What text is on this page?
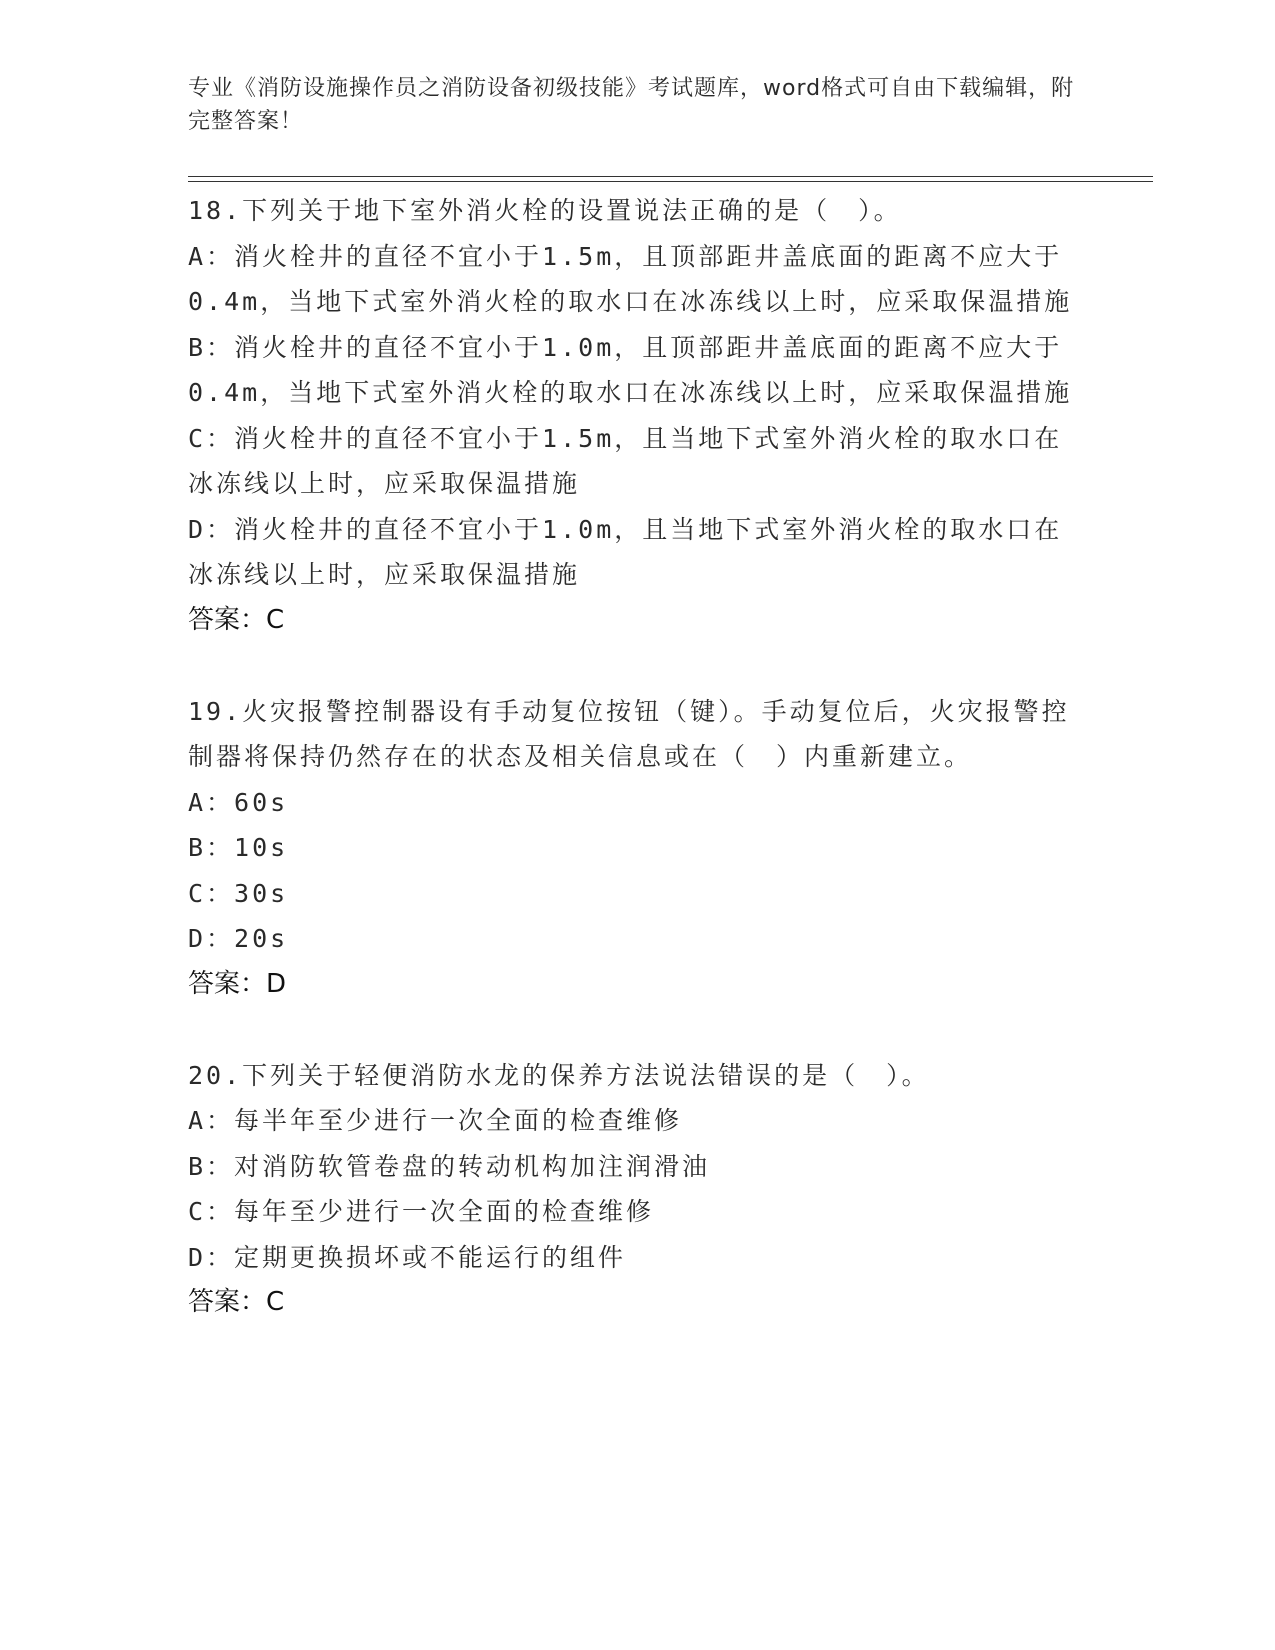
专业《消防设施操作员之消防设备初级技能》考试题库，word格式可自由下载编辑，附完整答案！
18.下列关于地下室外消火栓的设置说法正确的是（　）。
A：消火栓井的直径不宜小于1.5m，且顶部距井盖底面的距离不应大于0.4m，当地下式室外消火栓的取水口在冰冻线以上时，应采取保温措施
B：消火栓井的直径不宜小于1.0m，且顶部距井盖底面的距离不应大于0.4m，当地下式室外消火栓的取水口在冰冻线以上时，应采取保温措施
C：消火栓井的直径不宜小于1.5m，且当地下式室外消火栓的取水口在冰冻线以上时，应采取保温措施
D：消火栓井的直径不宜小于1.0m，且当地下式室外消火栓的取水口在冰冻线以上时，应采取保温措施
答案：C
19.火灾报警控制器设有手动复位按钮（键）。手动复位后，火灾报警控制器将保持仍然存在的状态及相关信息或在（　）内重新建立。
A：60s
B：10s
C：30s
D：20s
答案：D
20.下列关于轻便消防水龙的保养方法说法错误的是（　）。
A：每半年至少进行一次全面的检查维修
B：对消防软管卷盘的转动机构加注润滑油
C：每年至少进行一次全面的检查维修
D：定期更换损坏或不能运行的组件
答案：C
